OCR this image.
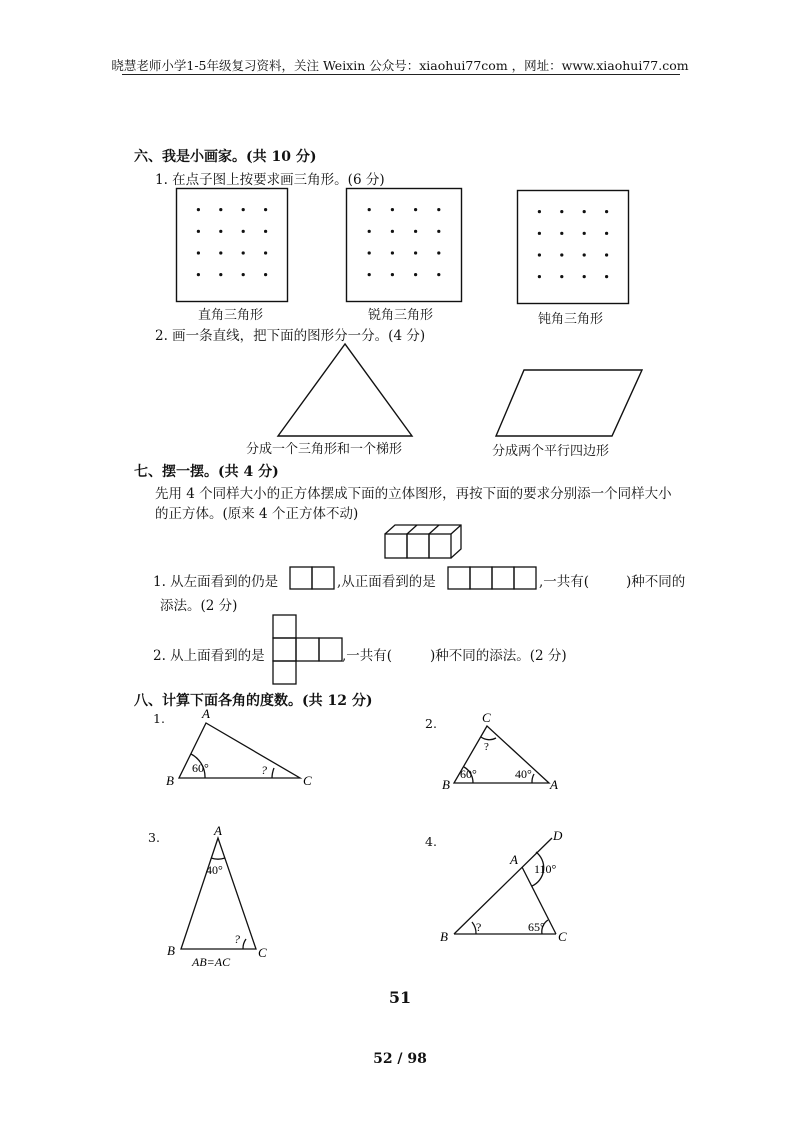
晓慧老师小学1-5年级复习资料，关注 Weixin 公众号：xiaohui77com ，网址：www.xiaohui77.com
六、我是小画家。(共 10 分)
1. 在点子图上按要求画三角形。(6 分)
直角三角形	锐角三角形	钝角三角形
2. 画一条直线，把下面的图形分一分。(4 分)
分成一个三角形和一个梯形	分成两个平行四边形
七、摆一摆。(共 4 分)
先用 4 个同样大小的正方体摆成下面的立体图形，再按下面的要求分别添一个同样大小
的正方体。(原来 4 个正方体不动)
1. 从左面看到的仍是	,从正面看到的是	,一共有(	)种不同的
添法。(2 分)
2. 从上面看到的是	,一共有(	)种不同的添法。(2 分)
八、计算下面各角的度数。(共 12 分)
1.	A
B	C
60°	?
2.	C
B	A
?
60°	40°
3.	A
B	C
40°
?
AB=AC
4.	D
A
B	C
110°
?	65°
51
52 / 98
